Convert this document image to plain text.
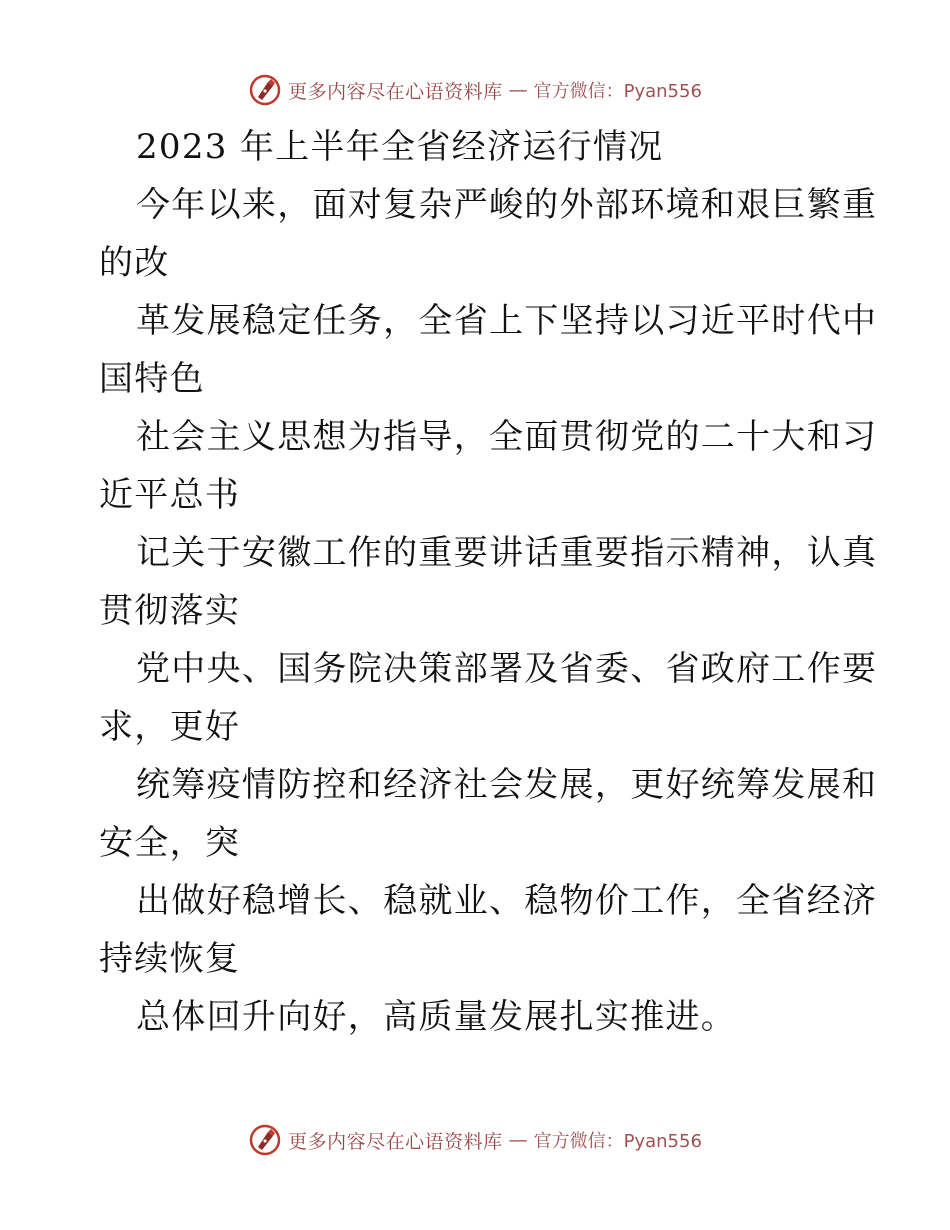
更多内容尽在心语资料库 — 官方微信：Pyan556
2023 年上半年全省经济运行情况
今年以来，面对复杂严峻的外部环境和艰巨繁重
的改
革发展稳定任务，全省上下坚持以习近平时代中
国特色
社会主义思想为指导，全面贯彻党的二十大和习
近平总书
记关于安徽工作的重要讲话重要指示精神，认真
贯彻落实
党中央、国务院决策部署及省委、省政府工作要
求，更好
统筹疫情防控和经济社会发展，更好统筹发展和
安全，突
出做好稳增长、稳就业、稳物价工作，全省经济
持续恢复
总体回升向好，高质量发展扎实推进。
更多内容尽在心语资料库 — 官方微信：Pyan556
